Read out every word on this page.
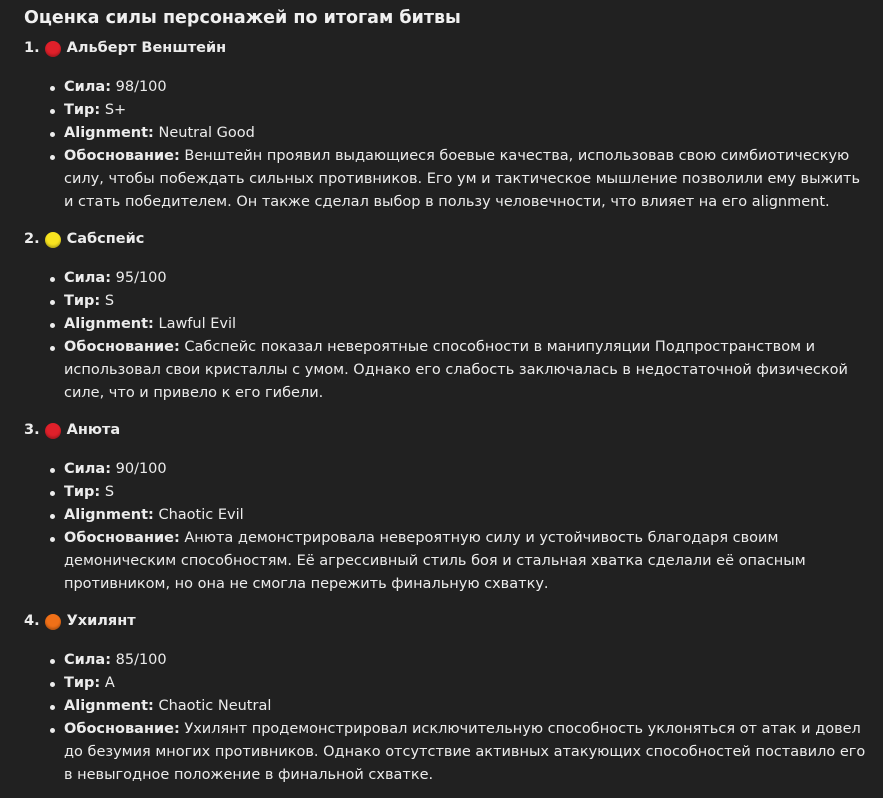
Оценка силы персонажей по итогам битвы
1. Альберт Венштейн
Сила: 98/100
Тир: S+
Alignment: Neutral Good
Обоснование: Венштейн проявил выдающиеся боевые качества, использовав свою симбиотическую силу, чтобы побеждать сильных противников. Его ум и тактическое мышление позволили ему выжить и стать победителем. Он также сделал выбор в пользу человечности, что влияет на его alignment.
2. Сабспейс
Сила: 95/100
Тир: S
Alignment: Lawful Evil
Обоснование: Сабспейс показал невероятные способности в манипуляции Подпространством и использовал свои кристаллы с умом. Однако его слабость заключалась в недостаточной физической силе, что и привело к его гибели.
3. Анюта
Сила: 90/100
Тир: S
Alignment: Chaotic Evil
Обоснование: Анюта демонстрировала невероятную силу и устойчивость благодаря своим демоническим способностям. Её агрессивный стиль боя и стальная хватка сделали её опасным противником, но она не смогла пережить финальную схватку.
4. Ухилянт
Сила: 85/100
Тир: A
Alignment: Chaotic Neutral
Обоснование: Ухилянт продемонстрировал исключительную способность уклоняться от атак и довел до безумия многих противников. Однако отсутствие активных атакующих способностей поставило его в невыгодное положение в финальной схватке.
